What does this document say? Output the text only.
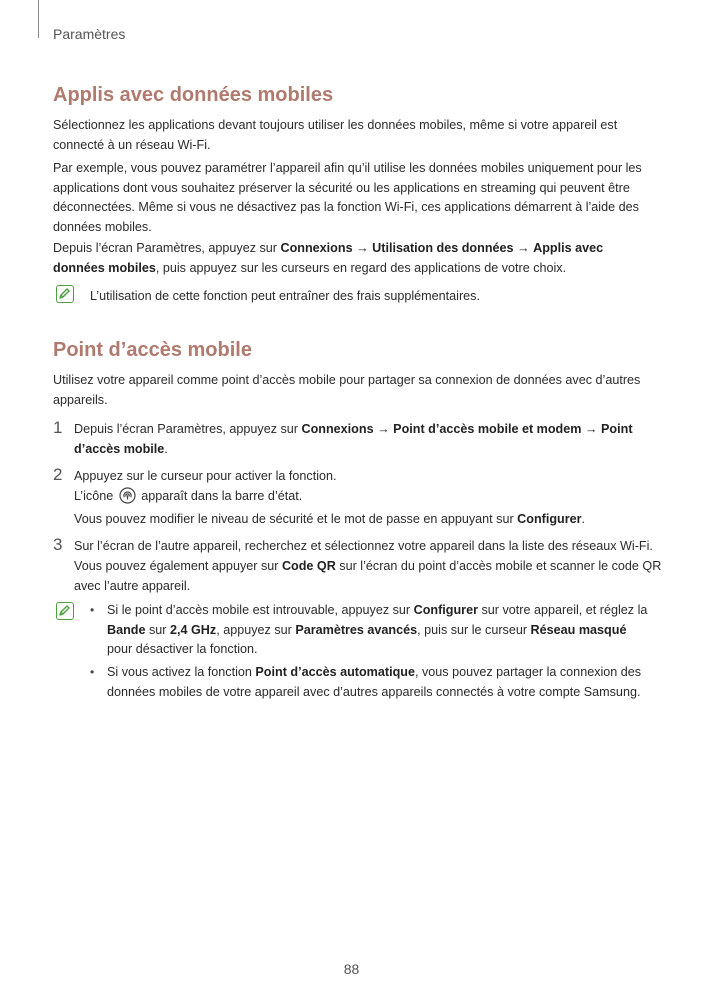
Paramètres
Applis avec données mobiles
Sélectionnez les applications devant toujours utiliser les données mobiles, même si votre appareil est connecté à un réseau Wi-Fi.
Par exemple, vous pouvez paramétrer l’appareil afin qu’il utilise les données mobiles uniquement pour les applications dont vous souhaitez préserver la sécurité ou les applications en streaming qui peuvent être déconnectées. Même si vous ne désactivez pas la fonction Wi-Fi, ces applications démarrent à l’aide des données mobiles.
Depuis l’écran Paramètres, appuyez sur Connexions → Utilisation des données → Applis avec données mobiles, puis appuyez sur les curseurs en regard des applications de votre choix.
L’utilisation de cette fonction peut entraîner des frais supplémentaires.
Point d’accès mobile
Utilisez votre appareil comme point d’accès mobile pour partager sa connexion de données avec d’autres appareils.
1 Depuis l’écran Paramètres, appuyez sur Connexions → Point d’accès mobile et modem → Point d’accès mobile.
2 Appuyez sur le curseur pour activer la fonction.
L’icône apparaît dans la barre d’état.
Vous pouvez modifier le niveau de sécurité et le mot de passe en appuyant sur Configurer.
3 Sur l’écran de l’autre appareil, recherchez et sélectionnez votre appareil dans la liste des réseaux Wi-Fi.
Vous pouvez également appuyer sur Code QR sur l’écran du point d’accès mobile et scanner le code QR avec l’autre appareil.
• Si le point d’accès mobile est introuvable, appuyez sur Configurer sur votre appareil, et réglez la Bande sur 2,4 GHz, appuyez sur Paramètres avancés, puis sur le curseur Réseau masqué pour désactiver la fonction.
• Si vous activez la fonction Point d’accès automatique, vous pouvez partager la connexion des données mobiles de votre appareil avec d’autres appareils connectés à votre compte Samsung.
88
